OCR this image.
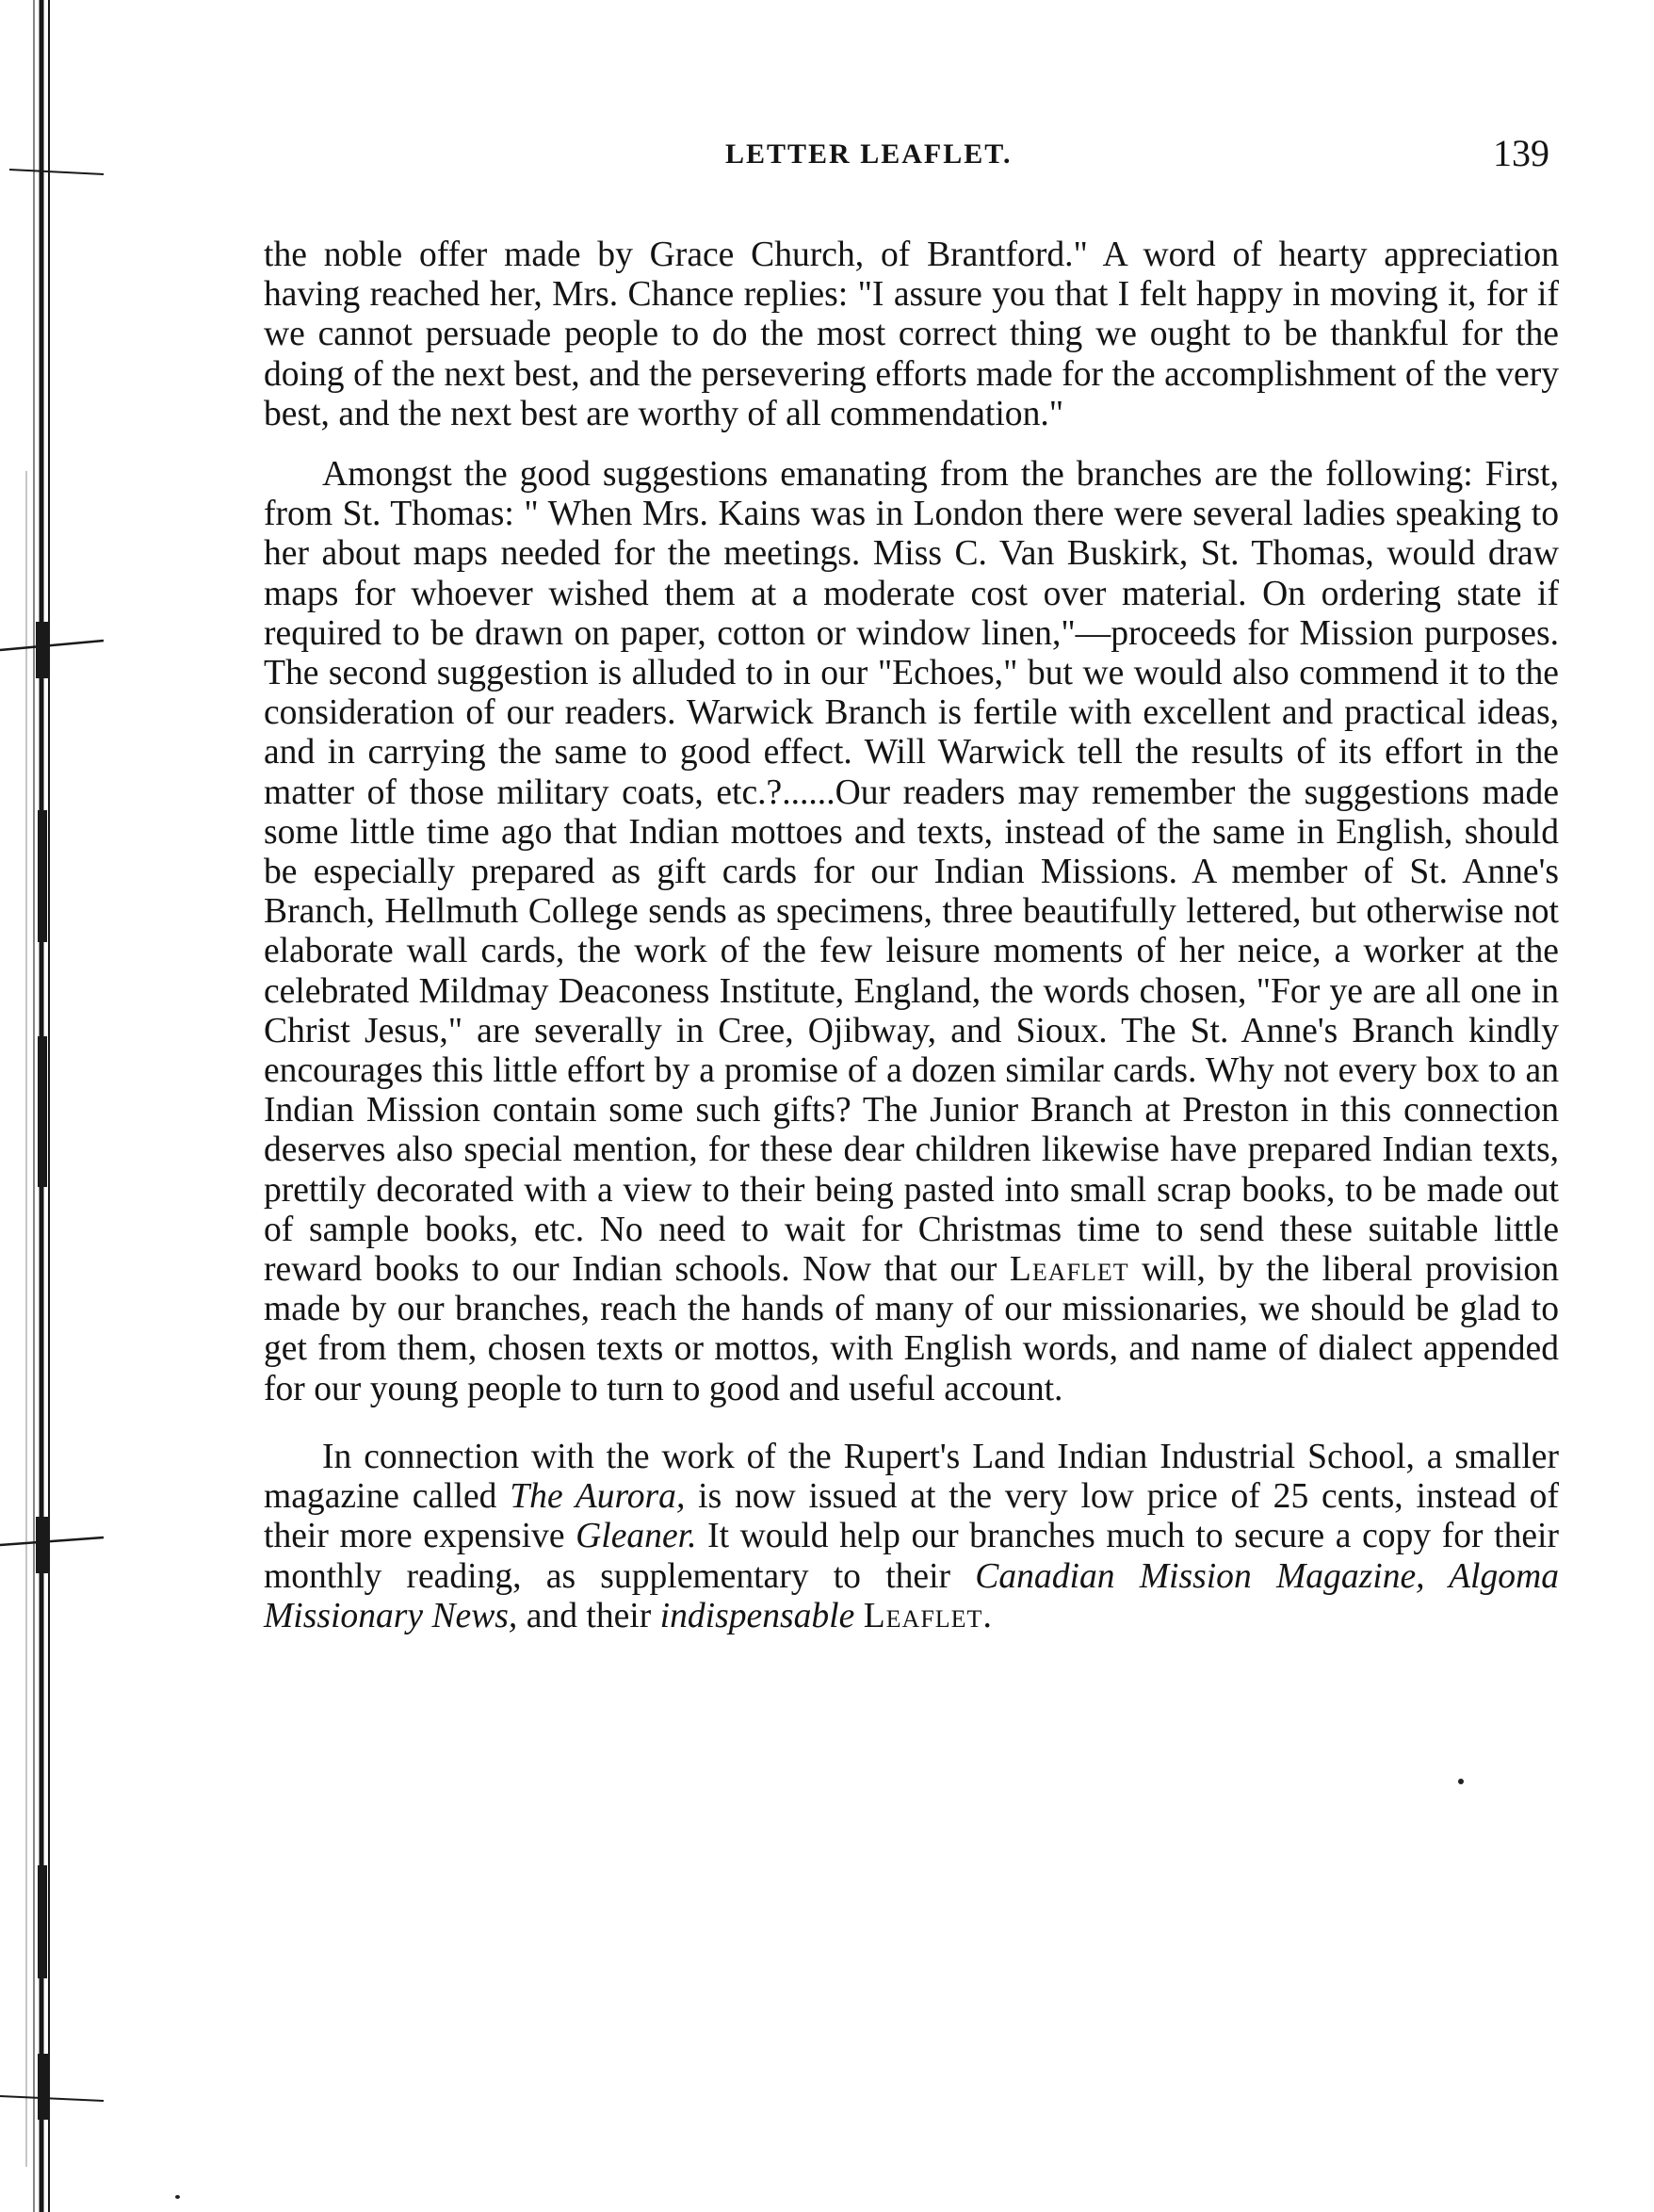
LETTER LEAFLET.	139

the noble offer made by Grace Church, of Brantford." A word of hearty appreciation having reached her, Mrs. Chance replies: "I assure you that I felt happy in moving it, for if we cannot persuade people to do the most correct thing we ought to be thankful for the doing of the next best, and the persevering efforts made for the accomplishment of the very best, and the next best are worthy of all commendation."

Amongst the good suggestions emanating from the branches are the following: First, from St. Thomas: " When Mrs. Kains was in London there were several ladies speaking to her about maps needed for the meetings. Miss C. Van Buskirk, St. Thomas, would draw maps for whoever wished them at a moderate cost over material. On ordering state if required to be drawn on paper, cotton or window linen,"—proceeds for Mission purposes. The second suggestion is alluded to in our "Echoes," but we would also commend it to the consideration of our readers. Warwick Branch is fertile with excellent and practical ideas, and in carrying the same to good effect. Will Warwick tell the results of its effort in the matter of those military coats, etc.?......Our readers may remember the suggestions made some little time ago that Indian mottoes and texts, instead of the same in English, should be especially prepared as gift cards for our Indian Missions. A member of St. Anne's Branch, Hellmuth College sends as specimens, three beautifully lettered, but otherwise not elaborate wall cards, the work of the few leisure moments of her neice, a worker at the celebrated Mildmay Deaconess Institute, England, the words chosen, "For ye are all one in Christ Jesus," are severally in Cree, Ojibway, and Sioux. The St. Anne's Branch kindly encourages this little effort by a promise of a dozen similar cards. Why not every box to an Indian Mission contain some such gifts? The Junior Branch at Preston in this connection deserves also special mention, for these dear children likewise have prepared Indian texts, prettily decorated with a view to their being pasted into small scrap books, to be made out of sample books, etc. No need to wait for Christmas time to send these suitable little reward books to our Indian schools. Now that our Leaflet will, by the liberal provision made by our branches, reach the hands of many of our missionaries, we should be glad to get from them, chosen texts or mottos, with English words, and name of dialect appended for our young people to turn to good and useful account.

In connection with the work of the Rupert's Land Indian Industrial School, a smaller magazine called The Aurora, is now issued at the very low price of 25 cents, instead of their more expensive Gleaner. It would help our branches much to secure a copy for their monthly reading, as supplementary to their Canadian Mission Magazine, Algoma Missionary News, and their indispensable Leaflet.
